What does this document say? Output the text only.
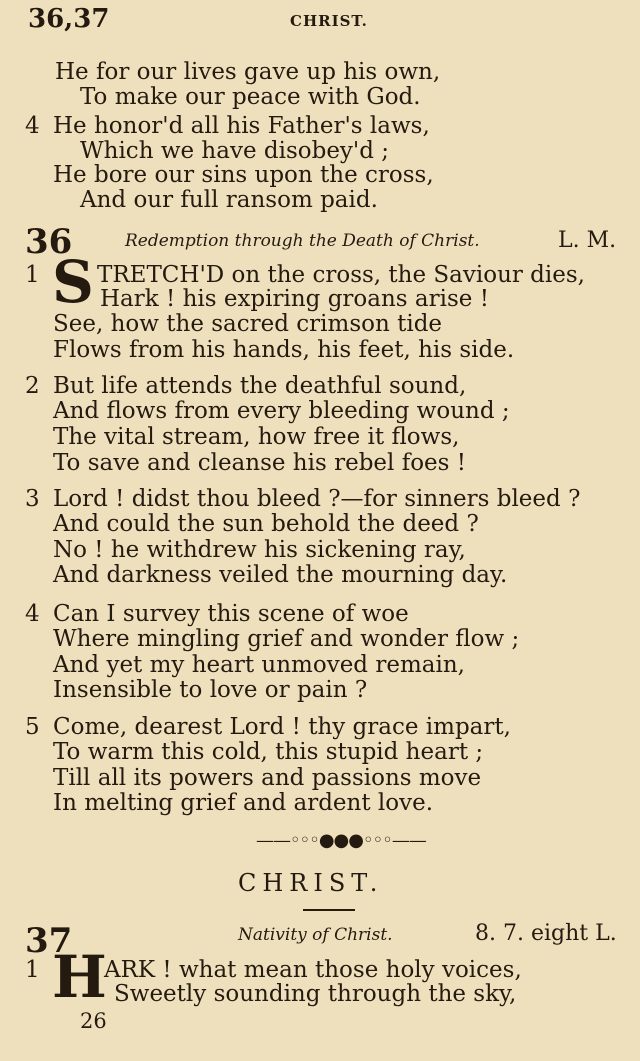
36,37	CHRIST.
He for our lives gave up his own,
To make our peace with God.
4 He honor'd all his Father's laws,
Which we have disobey'd ;
He bore our sins upon the cross,
And our full ransom paid.
36	Redemption through the Death of Christ.	L. M.
1 S TRETCH'D on the cross, the Saviour dies,
Hark ! his expiring groans arise !
See, how the sacred crimson tide
Flows from his hands, his feet, his side.
2 But life attends the deathful sound,
And flows from every bleeding wound ;
The vital stream, how free it flows,
To save and cleanse his rebel foes !
3 Lord ! didst thou bleed ?—for sinners bleed ?
And could the sun behold the deed ?
No ! he withdrew his sickening ray,
And darkness veiled the mourning day.
4 Can I survey this scene of woe
Where mingling grief and wonder flow ;
And yet my heart unmoved remain,
Insensible to love or pain ?
5 Come, dearest Lord ! thy grace impart,
To warm this cold, this stupid heart ;
Till all its powers and passions move
In melting grief and ardent love.
——◦◦◦●●●◦◦◦——
CHRIST.
37	Nativity of Christ.	8. 7. eight L.
1 H
ARK ! what mean those holy voices,
Sweetly sounding through the sky,
26
